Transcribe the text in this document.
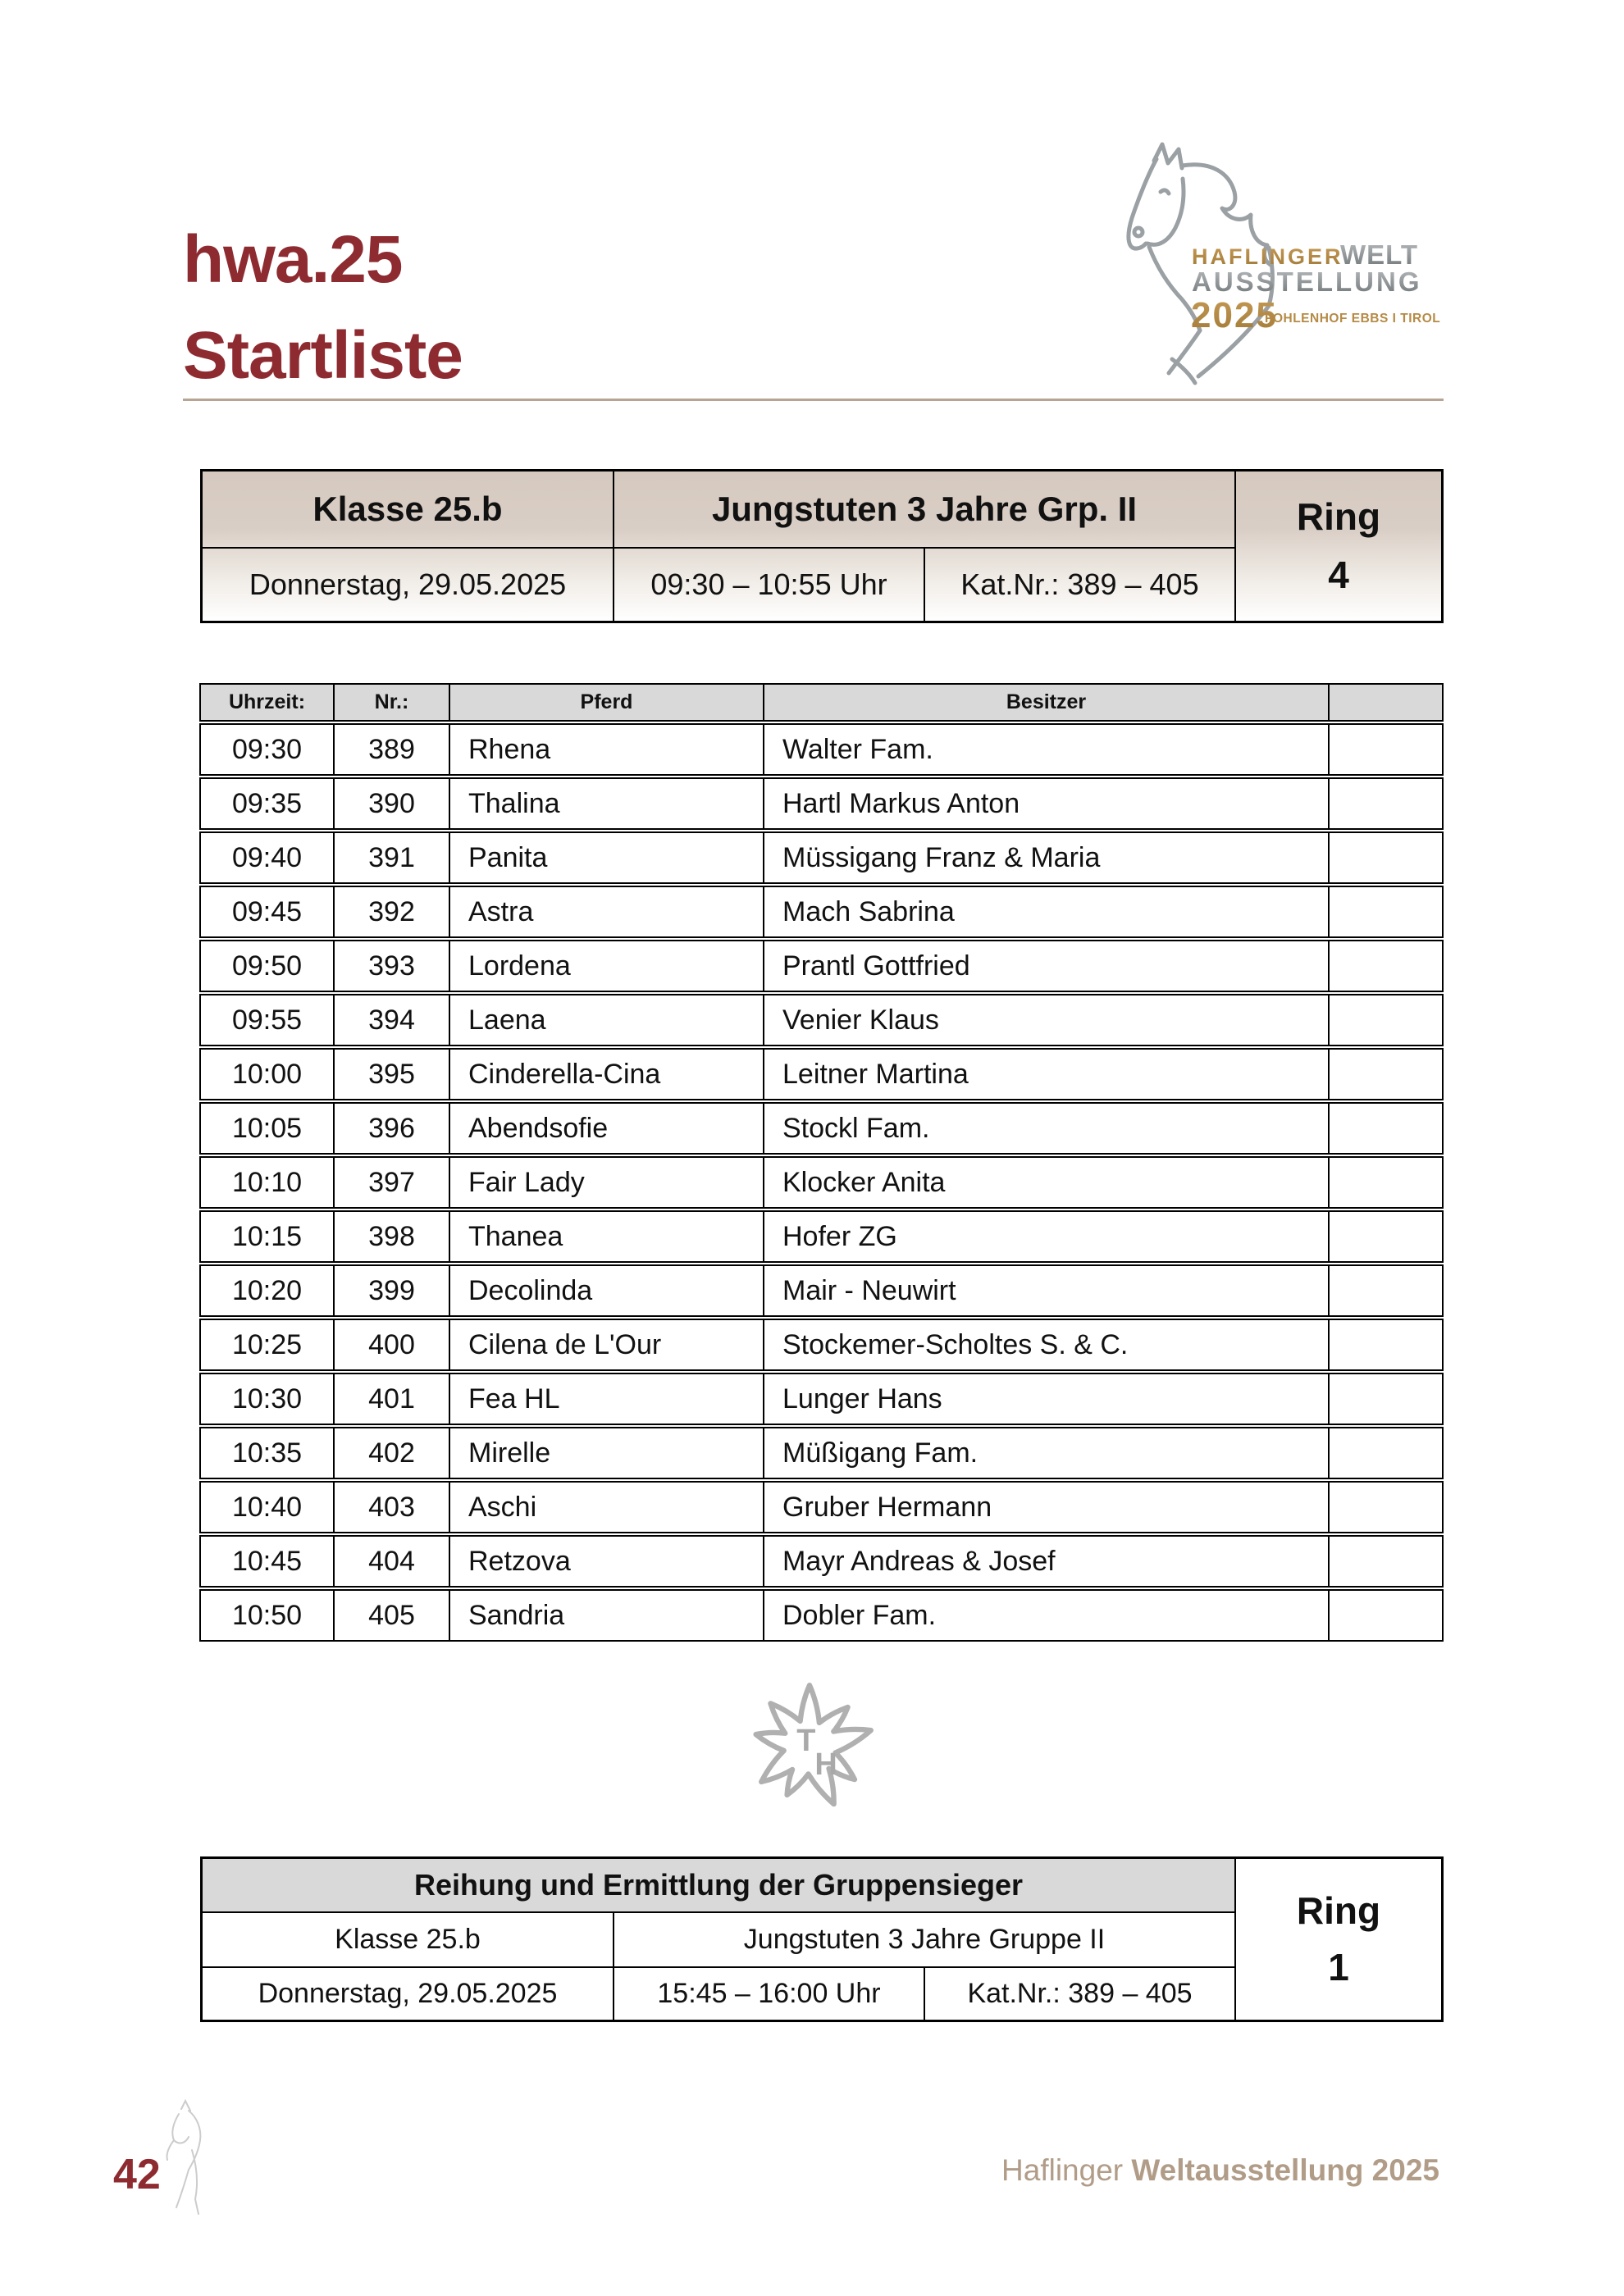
hwa.25
Startliste
HAFLINGER
WELT
AUSSTELLUNG
2025
FOHLENHOF EBBS I TIROL
Klasse 25.b	Jungstuten 3 Jahre Grp. II	Ring
4
Donnerstag, 29.05.2025	09:30 – 10:55 Uhr	Kat.Nr.: 389 – 405
Uhrzeit:	Nr.:	Pferd	Besitzer
09:30	389	Rhena	Walter Fam.
09:35	390	Thalina	Hartl Markus Anton
09:40	391	Panita	Müssigang Franz & Maria
09:45	392	Astra	Mach Sabrina
09:50	393	Lordena	Prantl Gottfried
09:55	394	Laena	Venier Klaus
10:00	395	Cinderella-Cina	Leitner Martina
10:05	396	Abendsofie	Stockl Fam.
10:10	397	Fair Lady	Klocker Anita
10:15	398	Thanea	Hofer ZG
10:20	399	Decolinda	Mair - Neuwirt
10:25	400	Cilena de L'Our	Stockemer-Scholtes S. & C.
10:30	401	Fea HL	Lunger Hans
10:35	402	Mirelle	Müßigang Fam.
10:40	403	Aschi	Gruber Hermann
10:45	404	Retzova	Mayr Andreas & Josef
10:50	405	Sandria	Dobler Fam.
T
H
Reihung und Ermittlung der Gruppensieger
Ring
1
Klasse 25.b	Jungstuten 3 Jahre Gruppe II
Donnerstag, 29.05.2025	15:45 – 16:00 Uhr	Kat.Nr.: 389 – 405
42	Haflinger Weltausstellung 2025
